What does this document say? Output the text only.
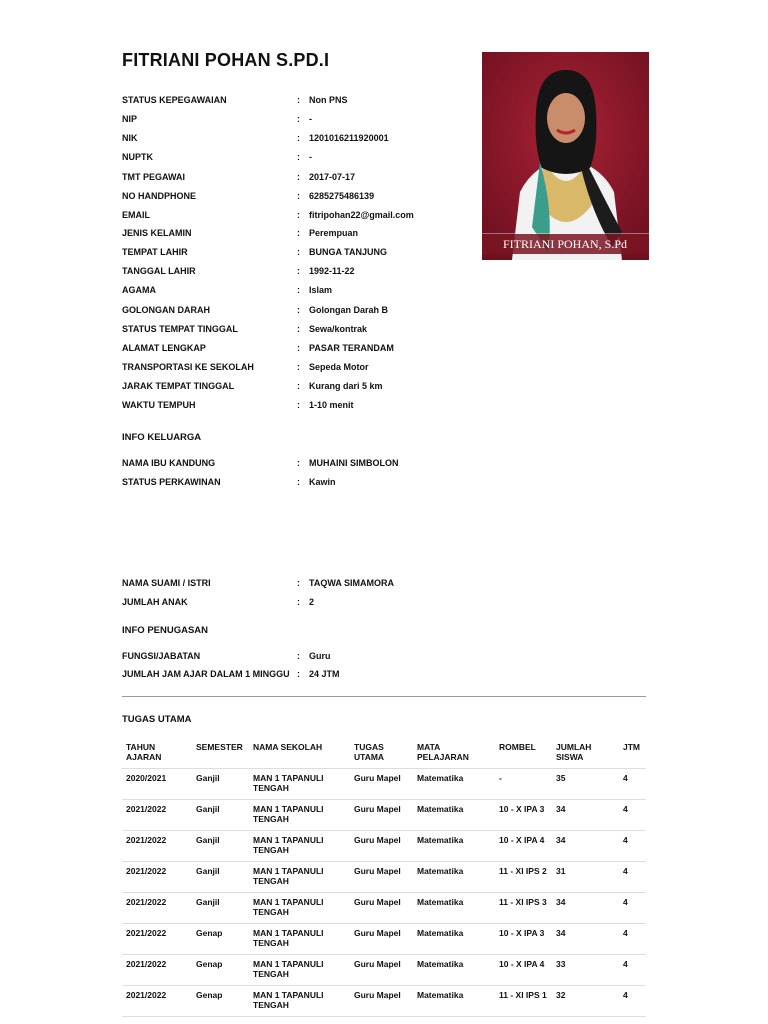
FITRIANI POHAN S.PD.I
FITRIANI POHAN, S.Pd
STATUS KEPEGAWAIAN	: Non PNS
NIP	: -
NIK	: 1201016211920001
NUPTK	: -
TMT PEGAWAI	: 2017-07-17
NO HANDPHONE	: 6285275486139
EMAIL	: fitripohan22@gmail.com
JENIS KELAMIN	: Perempuan
TEMPAT LAHIR	: BUNGA TANJUNG
TANGGAL LAHIR	: 1992-11-22
AGAMA	: Islam
GOLONGAN DARAH	: Golongan Darah B
STATUS TEMPAT TINGGAL	: Sewa/kontrak
ALAMAT LENGKAP	: PASAR TERANDAM
TRANSPORTASI KE SEKOLAH	: Sepeda Motor
JARAK TEMPAT TINGGAL	: Kurang dari 5 km
WAKTU TEMPUH	: 1-10 menit
INFO KELUARGA
NAMA IBU KANDUNG	: MUHAINI SIMBOLON
STATUS PERKAWINAN	: Kawin
NAMA SUAMI / ISTRI	: TAQWA SIMAMORA
JUMLAH ANAK	: 2
INFO PENUGASAN
FUNGSI/JABATAN	: Guru
JUMLAH JAM AJAR DALAM 1 MINGGU : 24 JTM
TUGAS UTAMA
TAHUN AJARAN	SEMESTER	NAMA SEKOLAH	TUGAS UTAMA	MATA PELAJARAN	ROMBEL	JUMLAH SISWA	JTM
2020/2021	Ganjil	MAN 1 TAPANULI TENGAH	Guru Mapel	Matematika	-	35	4
2021/2022	Ganjil	MAN 1 TAPANULI TENGAH	Guru Mapel	Matematika	10 - X IPA 3	34	4
2021/2022	Ganjil	MAN 1 TAPANULI TENGAH	Guru Mapel	Matematika	10 - X IPA 4	34	4
2021/2022	Ganjil	MAN 1 TAPANULI TENGAH	Guru Mapel	Matematika	11 - XI IPS 2	31	4
2021/2022	Ganjil	MAN 1 TAPANULI TENGAH	Guru Mapel	Matematika	11 - XI IPS 3	34	4
2021/2022	Genap	MAN 1 TAPANULI TENGAH	Guru Mapel	Matematika	10 - X IPA 3	34	4
2021/2022	Genap	MAN 1 TAPANULI TENGAH	Guru Mapel	Matematika	10 - X IPA 4	33	4
2021/2022	Genap	MAN 1 TAPANULI TENGAH	Guru Mapel	Matematika	11 - XI IPS 1	32	4
